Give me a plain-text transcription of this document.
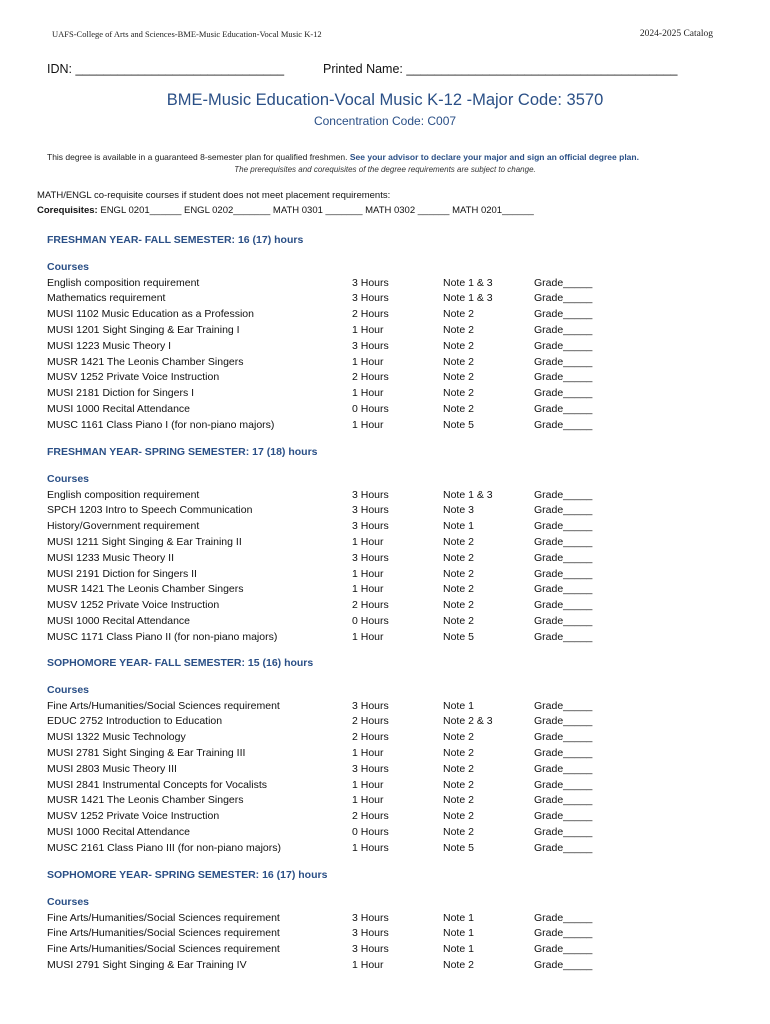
UAFS-College of Arts and Sciences-BME-Music Education-Vocal Music K-12	2024-2025 Catalog
IDN: ______________________________	Printed Name: _______________________________________
BME-Music Education-Vocal Music K-12 -Major Code: 3570
Concentration Code: C007
This degree is available in a guaranteed 8-semester plan for qualified freshmen. See your advisor to declare your major and sign an official degree plan.
The prerequisites and corequisites of the degree requirements are subject to change.
MATH/ENGL co-requisite courses if student does not meet placement requirements:
Corequisites: ENGL 0201______ ENGL 0202_______ MATH 0301 _______ MATH 0302 ______ MATH 0201______
FRESHMAN YEAR- FALL SEMESTER: 16 (17) hours
Courses
English composition requirement	3 Hours	Note 1 & 3	Grade_____
Mathematics requirement	3 Hours	Note 1 & 3	Grade_____
MUSI 1102 Music Education as a Profession	2 Hours	Note 2	Grade_____
MUSI 1201 Sight Singing & Ear Training I	1 Hour	Note 2	Grade_____
MUSI 1223 Music Theory I	3 Hours	Note 2	Grade_____
MUSR 1421 The Leonis Chamber Singers	1 Hour	Note 2	Grade_____
MUSV 1252 Private Voice Instruction	2 Hours	Note 2	Grade_____
MUSI 2181 Diction for Singers I	1 Hour	Note 2	Grade_____
MUSI 1000 Recital Attendance	0 Hours	Note 2	Grade_____
MUSC 1161 Class Piano I (for non-piano majors)	1 Hour	Note 5	Grade_____
FRESHMAN YEAR- SPRING SEMESTER: 17 (18) hours
Courses
English composition requirement	3 Hours	Note 1 & 3	Grade_____
SPCH 1203 Intro to Speech Communication	3 Hours	Note 3	Grade_____
History/Government requirement	3 Hours	Note 1	Grade_____
MUSI 1211 Sight Singing & Ear Training II	1 Hour	Note 2	Grade_____
MUSI 1233 Music Theory II	3 Hours	Note 2	Grade_____
MUSI 2191 Diction for Singers II	1 Hour	Note 2	Grade_____
MUSR 1421 The Leonis Chamber Singers	1 Hour	Note 2	Grade_____
MUSV 1252 Private Voice Instruction	2 Hours	Note 2	Grade_____
MUSI 1000 Recital Attendance	0 Hours	Note 2	Grade_____
MUSC 1171 Class Piano II (for non-piano majors)	1 Hour	Note 5	Grade_____
SOPHOMORE YEAR- FALL SEMESTER: 15 (16) hours
Courses
Fine Arts/Humanities/Social Sciences requirement	3 Hours	Note 1	Grade_____
EDUC 2752 Introduction to Education	2 Hours	Note 2 & 3	Grade_____
MUSI 1322 Music Technology	2 Hours	Note 2	Grade_____
MUSI 2781 Sight Singing & Ear Training III	1 Hour	Note 2	Grade_____
MUSI 2803 Music Theory III	3 Hours	Note 2	Grade_____
MUSI 2841 Instrumental Concepts for Vocalists	1 Hour	Note 2	Grade_____
MUSR 1421 The Leonis Chamber Singers	1 Hour	Note 2	Grade_____
MUSV 1252 Private Voice Instruction	2 Hours	Note 2	Grade_____
MUSI 1000 Recital Attendance	0 Hours	Note 2	Grade_____
MUSC 2161 Class Piano III (for non-piano majors)	1 Hours	Note 5	Grade_____
SOPHOMORE YEAR- SPRING SEMESTER: 16 (17) hours
Courses
Fine Arts/Humanities/Social Sciences requirement	3 Hours	Note 1	Grade_____
Fine Arts/Humanities/Social Sciences requirement	3 Hours	Note 1	Grade_____
Fine Arts/Humanities/Social Sciences requirement	3 Hours	Note 1	Grade_____
MUSI 2791 Sight Singing & Ear Training IV	1 Hour	Note 2	Grade_____
